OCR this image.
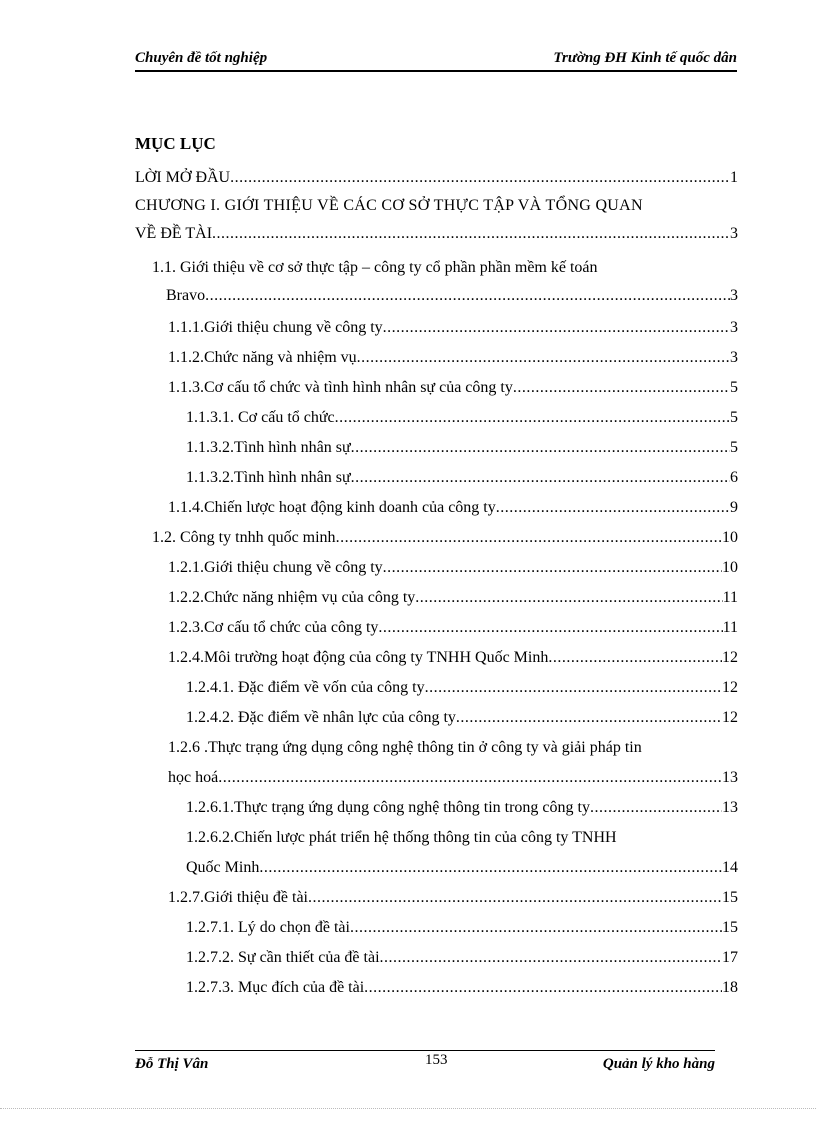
Chuyên đề tốt nghiệp	Trường ĐH Kinh tế quốc dân
MỤC LỤC
LỜI MỞ ĐẦU .....	1
CHƯƠNG I. GIỚI THIỆU VỀ CÁC CƠ SỞ THỰC TẬP VÀ TỔNG QUAN
VỀ ĐỀ TÀI .....	3
1.1. Giới thiệu về cơ sở thực tập – công ty cổ phần phần mềm kế toán
Bravo .....	3
1.1.1.Giới thiệu chung về công ty .....	3
1.1.2.Chức năng và nhiệm vụ .....	3
1.1.3.Cơ cấu tổ chức và tình hình nhân sự của công ty .....	5
1.1.3.1. Cơ cấu tổ chức .....	5
1.1.3.2.Tình hình nhân sự .....	5
1.1.3.2.Tình hình nhân sự .....	6
1.1.4.Chiến lược hoạt động kinh doanh của công ty .....	9
1.2. Công ty tnhh quốc minh .....	10
1.2.1.Giới thiệu chung về công ty .....	10
1.2.2.Chức năng nhiệm vụ của công ty .....	11
1.2.3.Cơ cấu tổ chức của công ty .....	11
1.2.4.Môi trường hoạt động của công ty TNHH Quốc Minh .....	12
1.2.4.1. Đặc điểm về vốn của công ty .....	12
1.2.4.2. Đặc điểm về nhân lực của công ty .....	12
1.2.6 .Thực trạng ứng dụng công nghệ thông tin ở công ty và giải pháp tin
học hoá .....	13
1.2.6.1.Thực trạng ứng dụng công nghệ thông tin trong công ty .....	13
1.2.6.2.Chiến lược phát triển hệ thống thông tin của công ty TNHH
Quốc Minh .....	14
1.2.7.Giới thiệu đề tài .....	15
1.2.7.1. Lý do chọn đề tài .....	15
1.2.7.2. Sự cần thiết của đề tài .....	17
1.2.7.3. Mục đích của đề tài .....	18
Đỗ Thị Vân	153	Quản lý kho hàng
